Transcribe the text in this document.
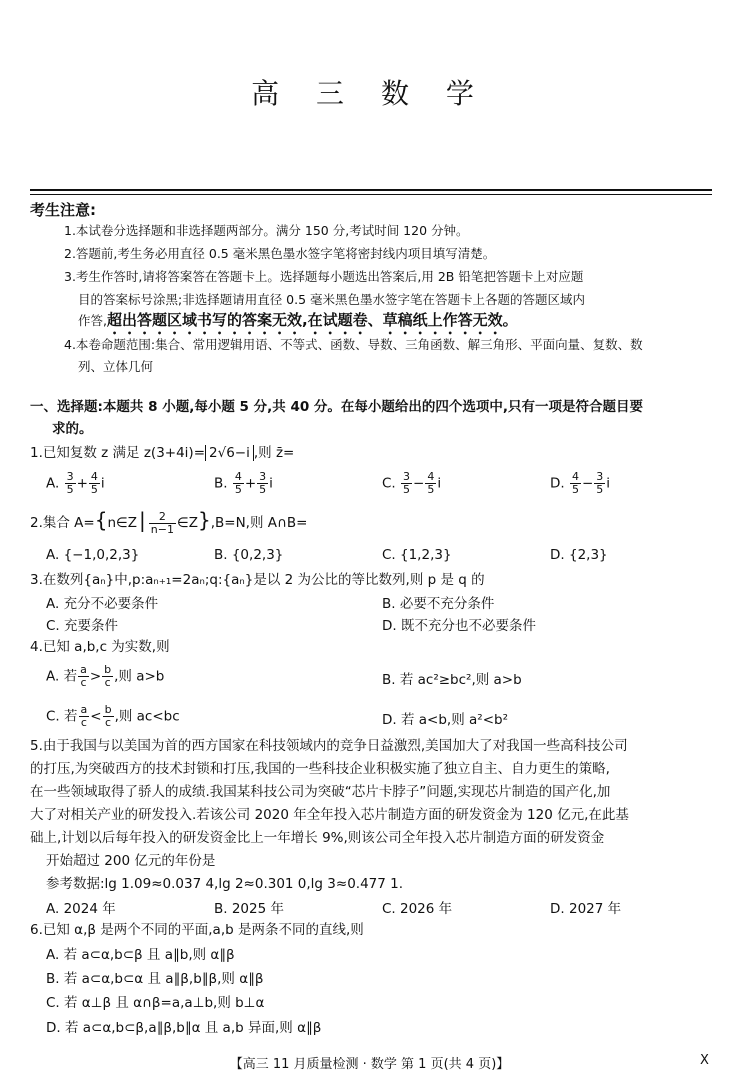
高 三 数 学
考生注意:
1.本试卷分选择题和非选择题两部分。满分 150 分,考试时间 120 分钟。
2.答题前,考生务必用直径 0.5 毫米黑色墨水签字笔将密封线内项目填写清楚。
3.考生作答时,请将答案答在答题卡上。选择题每小题选出答案后,用 2B 铅笔把答题卡上对应题
目的答案标号涂黑;非选择题请用直径 0.5 毫米黑色墨水签字笔在答题卡上各题的答题区域内
作答,超出答题区域书写的答案无效,在试题卷、草稿纸上作答无效。
4.本卷命题范围:集合、常用逻辑用语、不等式、函数、导数、三角函数、解三角形、平面向量、复数、数
列、立体几何
一、选择题:本题共 8 小题,每小题 5 分,共 40 分。在每小题给出的四个选项中,只有一项是符合题目要
求的。
1.已知复数 z 满足 z(3+4i)= 2√6−i ,则 z̄=
A. $\frac{3}{5} + \frac{4}{5}$ i	B. $\frac{4}{5} + \frac{3}{5}$ i	C. $\frac{3}{5} - \frac{4}{5}$ i	D. $\frac{4}{5} - \frac{3}{5}$ i
2.集合 A={n∈Z | $\frac{2}{n-1}$ ∈Z},B=N,则 A∩B=
A. {−1,0,2,3}	B. {0,2,3}	C. {1,2,3}	D. {2,3}
3.在数列{aₙ}中,p:aₙ₊₁=2aₙ;q:{aₙ}是以 2 为公比的等比数列,则 p 是 q 的
A. 充分不必要条件	B. 必要不充分条件
C. 充要条件	D. 既不充分也不必要条件
4.已知 a,b,c 为实数,则
A. 若 $\frac{a}{c} > \frac{b}{c}$ ,则 a>b	B. 若 ac²≥bc²,则 a>b
C. 若 $\frac{a}{c} < \frac{b}{c}$ ,则 ac<bc	D. 若 a<b,则 a²<b²
5.由于我国与以美国为首的西方国家在科技领域内的竞争日益激烈,美国加大了对我国一些高科技公司
的打压,为突破西方的技术封锁和打压,我国的一些科技企业积极实施了独立自主、自力更生的策略,
在一些领域取得了骄人的成绩.我国某科技公司为突破“芯片卡脖子”问题,实现芯片制造的国产化,加
大了对相关产业的研发投入.若该公司 2020 年全年投入芯片制造方面的研发资金为 120 亿元,在此基
础上,计划以后每年投入的研发资金比上一年增长 9%,则该公司全年投入芯片制造方面的研发资金
开始超过 200 亿元的年份是
参考数据:lg 1.09≈0.037 4,lg 2≈0.301 0,lg 3≈0.477 1.
A. 2024 年	B. 2025 年	C. 2026 年	D. 2027 年
6.已知 α,β 是两个不同的平面,a,b 是两条不同的直线,则
A. 若 a⊂α,b⊂β 且 a∥b,则 α∥β
B. 若 a⊂α,b⊂α 且 a∥β,b∥β,则 α∥β
C. 若 α⊥β 且 α∩β=a,a⊥b,则 b⊥α
D. 若 a⊂α,b⊂β,a∥β,b∥α 且 a,b 异面,则 α∥β
【高三 11 月质量检测 · 数学 第 1 页(共 4 页)】	X
